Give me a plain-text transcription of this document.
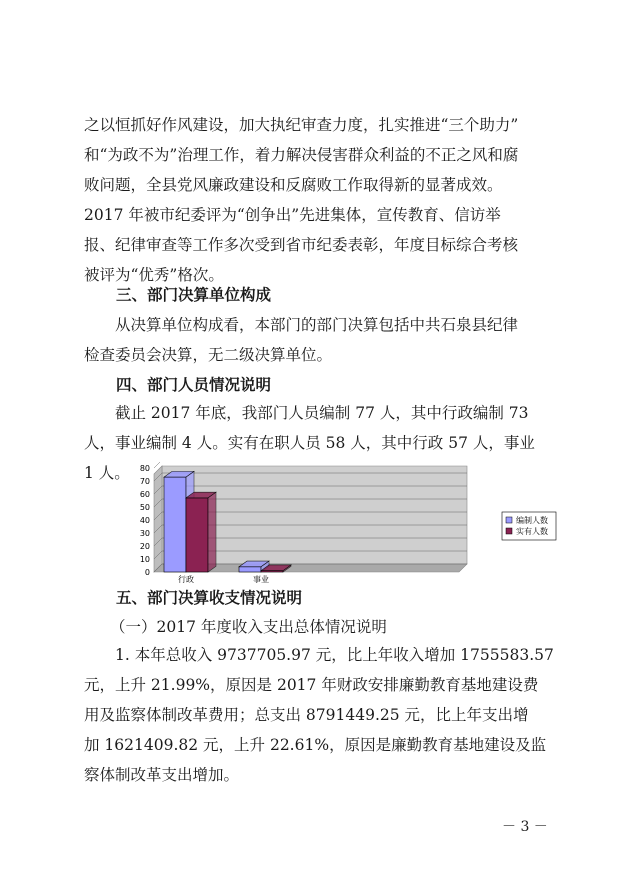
之以恒抓好作风建设，加大执纪审查力度，扎实推进“三个助力”
和“为政不为”治理工作，着力解决侵害群众利益的不正之风和腐
败问题，全县党风廉政建设和反腐败工作取得新的显著成效。
2017 年被市纪委评为“创争出”先进集体，宣传教育、信访举
报、纪律审查等工作多次受到省市纪委表彰，年度目标综合考核
被评为“优秀”格次。
三、部门决算单位构成
　　从决算单位构成看，本部门的部门决算包括中共石泉县纪律
检查委员会决算，无二级决算单位。
四、部门人员情况说明
　　截止 2017 年底，我部门人员编制 77 人，其中行政编制 73
人，事业编制 4 人。实有在职人员 58 人，其中行政 57 人，事业
1 人。
0
10
20
30
40
50
60
70
80
行政	事业
编制人数
实有人数
五、部门决算收支情况说明
（一）2017 年度收入支出总体情况说明
　　1. 本年总收入 9737705.97 元，比上年收入增加 1755583.57
元，上升 21.99%，原因是 2017 年财政安排廉勤教育基地建设费
用及监察体制改革费用；总支出 8791449.25 元，比上年支出增
加 1621409.82 元，上升 22.61%，原因是廉勤教育基地建设及监
察体制改革支出增加。
－ 3 －
